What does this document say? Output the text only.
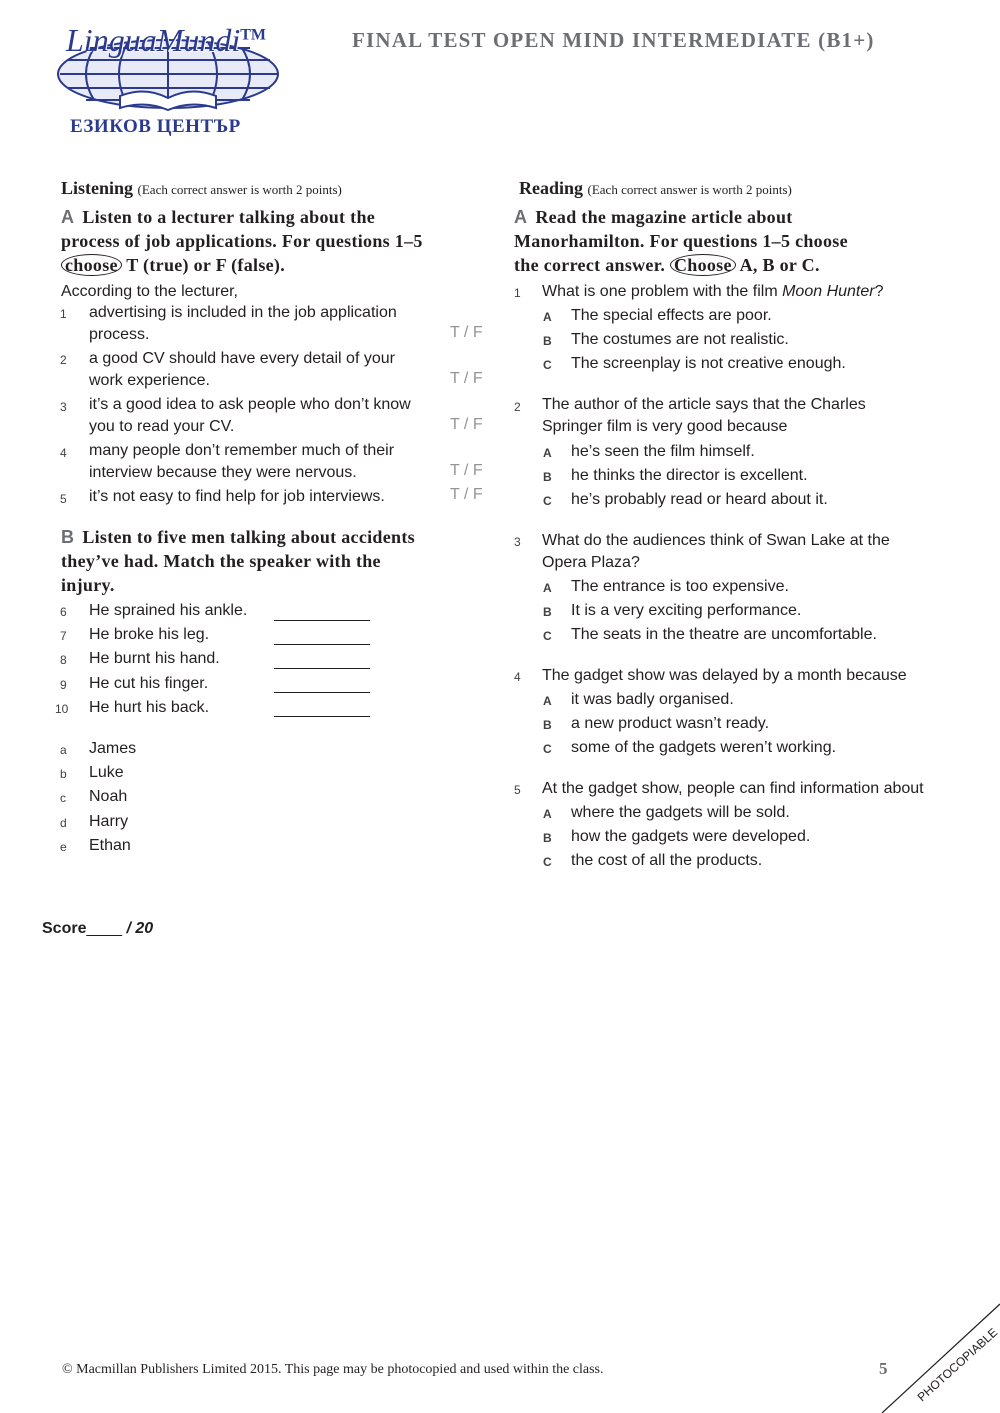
LinguaMundi™
ЕЗИКОВ ЦЕНТЪР
FINAL TEST OPEN MIND INTERMEDIATE (B1+)
Listening (Each correct answer is worth 2 points)
A Listen to a lecturer talking about the
process of job applications. For questions 1–5
choose T (true) or F (false).
According to the lecturer,
1 advertising is included in the job application
process.	T / F
2 a good CV should have every detail of your
work experience.	T / F
3 it’s a good idea to ask people who don’t know
you to read your CV.	T / F
4 many people don’t remember much of their
interview because they were nervous.	T / F
5 it’s not easy to find help for job interviews.	T / F
B Listen to five men talking about accidents
they’ve had. Match the speaker with the
injury.
6 He sprained his ankle.
7 He broke his leg.
8 He burnt his hand.
9 He cut his finger.
10 He hurt his back.
a James
b Luke
c Noah
d Harry
e Ethan
Reading (Each correct answer is worth 2 points)
A Read the magazine article about
Manorhamilton. For questions 1–5 choose
the correct answer. Choose A, B or C.
1 What is one problem with the film Moon Hunter?
A The special effects are poor.
B The costumes are not realistic.
C The screenplay is not creative enough.
2 The author of the article says that the Charles
Springer film is very good because
A he’s seen the film himself.
B he thinks the director is excellent.
C he’s probably read or heard about it.
3 What do the audiences think of Swan Lake at the
Opera Plaza?
A The entrance is too expensive.
B It is a very exciting performance.
C The seats in the theatre are uncomfortable.
4 The gadget show was delayed by a month because
A it was badly organised.
B a new product wasn’t ready.
C some of the gadgets weren’t working.
5 At the gadget show, people can find information about
A where the gadgets will be sold.
B how the gadgets were developed.
C the cost of all the products.
Score____ / 20
© Macmillan Publishers Limited 2015. This page may be photocopied and used within the class.	5 PHOTOCOPIABLE
